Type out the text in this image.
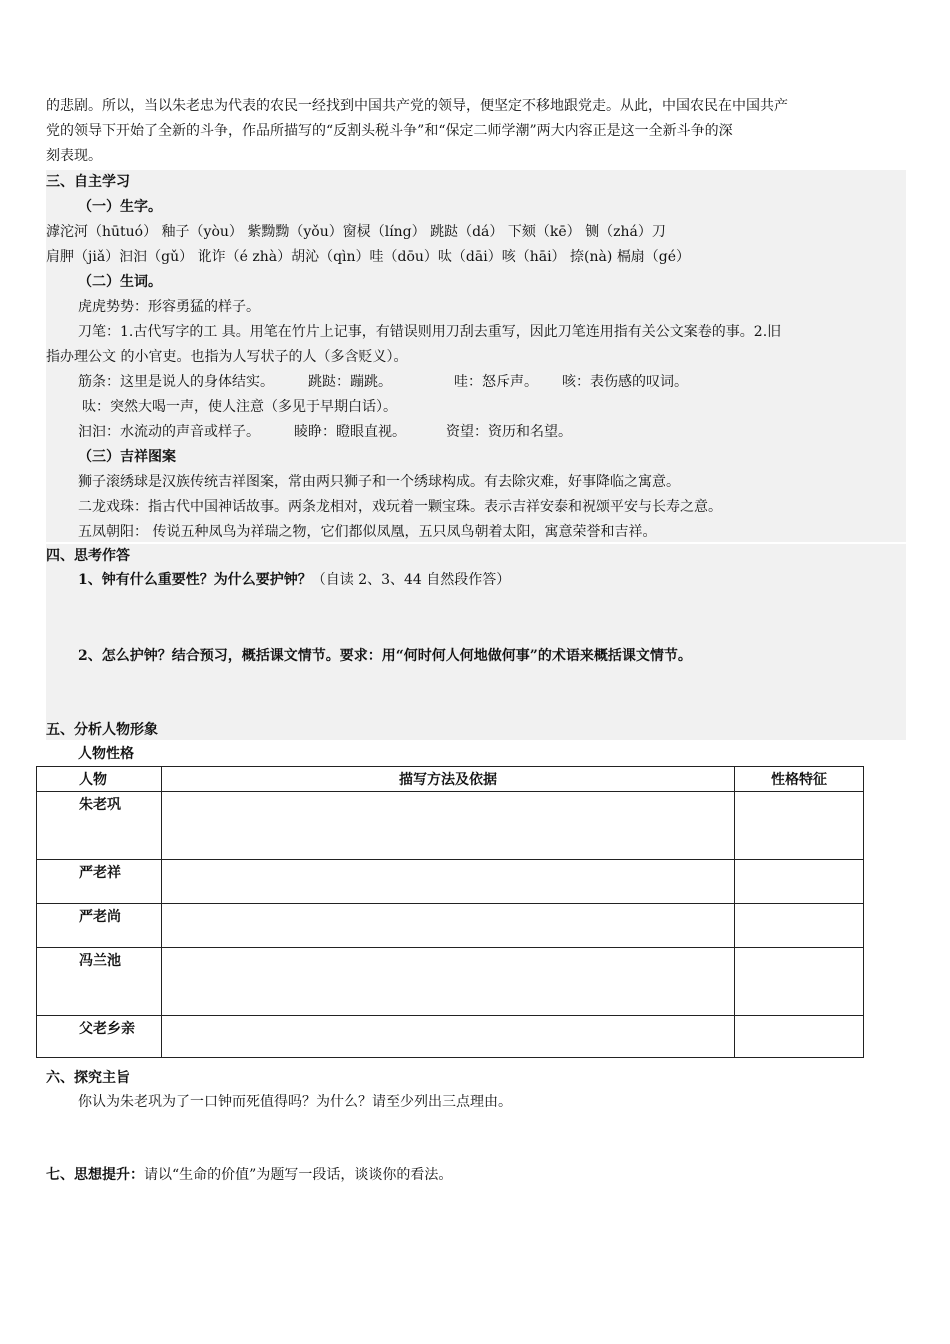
的悲剧。所以，当以朱老忠为代表的农民一经找到中国共产党的领导，便坚定不移地跟党走。从此，中国农民在中国共产
党的领导下开始了全新的斗争，作品所描写的“反割头税斗争”和“保定二师学潮”两大内容正是这一全新斗争的深
刻表现。
三、自主学习
（一）生字。
滹沱河（hūtuó） 釉子（yòu） 紫黝黝（yǒu）窗棂（líng） 跳跶（dá） 下颏（kē） 铡（zhá）刀
肩胛（jiǎ）汩汩（gǔ） 讹诈（é zhà）胡沁（qìn）哇（dōu）呔（dāi）咳（hāi） 捺(nà) 槅扇（gé）
（二）生词。
虎虎势势：形容勇猛的样子。
刀笔：1.古代写字的工 具。用笔在竹片上记事，有错误则用刀刮去重写，因此刀笔连用指有关公文案卷的事。2.旧
指办理公文 的小官吏。也指为人写状子的人（多含贬义）。
筋条：这里是说人的身体结实。 跳跶：蹦跳。	哇：怒斥声。 咳：表伤感的叹词。
呔：突然大喝一声，使人注意（多见于早期白话）。
汩汩：水流动的声音或样子。 睖睁：瞪眼直视。	资望：资历和名望。
（三）吉祥图案
狮子滚绣球是汉族传统吉祥图案，常由两只狮子和一个绣球构成。有去除灾难，好事降临之寓意。
二龙戏珠：指古代中国神话故事。两条龙相对，戏玩着一颗宝珠。表示吉祥安泰和祝颂平安与长寿之意。
五凤朝阳： 传说五种凤鸟为祥瑞之物，它们都似凤凰，五只凤鸟朝着太阳，寓意荣誉和吉祥。
四、思考作答
1、钟有什么重要性？为什么要护钟？（自读 2、3、44 自然段作答）
2、怎么护钟？结合预习，概括课文情节。要求：用“何时何人何地做何事”的术语来概括课文情节。
五、分析人物形象
人物性格
人物	描写方法及依据	性格特征
朱老巩		
严老祥		
严老尚		
冯兰池		
父老乡亲		
六、探究主旨
你认为朱老巩为了一口钟而死值得吗？为什么？请至少列出三点理由。
七、思想提升：请以“生命的价值”为题写一段话，谈谈你的看法。
